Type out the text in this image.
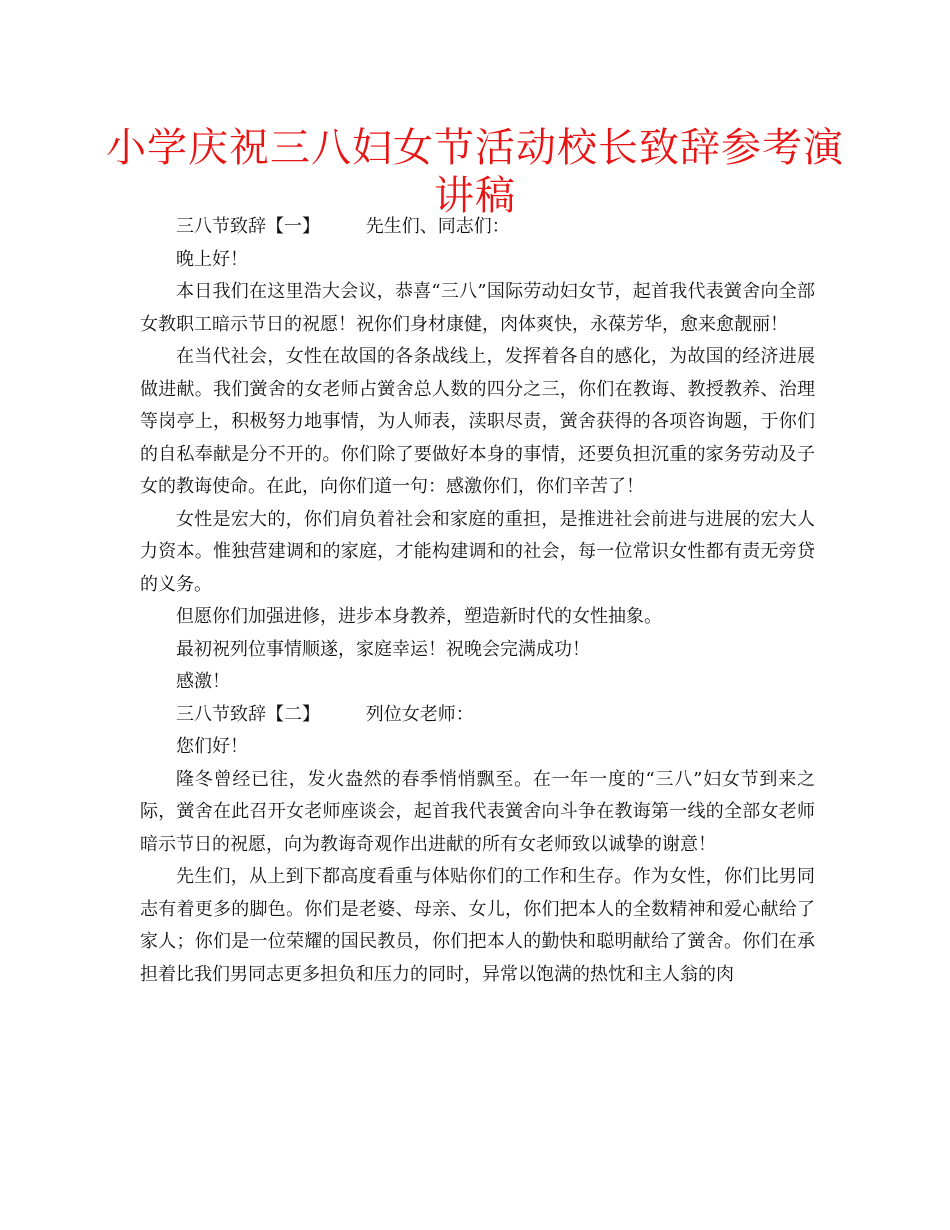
小学庆祝三八妇女节活动校长致辞参考演
讲稿

三八节致辞【一】        先生们、同志们：

晚上好！

本日我们在这里浩大会议，恭喜“三八”国际劳动妇女节，起首我代表黉舍向全部女教职工暗示节日的祝愿！祝你们身材康健，肉体爽快，永葆芳华，愈来愈靓丽！

在当代社会，女性在故国的各条战线上，发挥着各自的感化，为故国的经济进展做进献。我们黉舍的女老师占黉舍总人数的四分之三，你们在教诲、教授教养、治理等岗亭上，积极努力地事情，为人师表，渎职尽责，黉舍获得的各项咨询题，于你们的自私奉献是分不开的。你们除了要做好本身的事情，还要负担沉重的家务劳动及子女的教诲使命。在此，向你们道一句：感激你们，你们辛苦了！

女性是宏大的，你们肩负着社会和家庭的重担，是推进社会前进与进展的宏大人力资本。惟独营建调和的家庭，才能构建调和的社会，每一位常识女性都有责无旁贷的义务。

但愿你们加强进修，进步本身教养，塑造新时代的女性抽象。

最初祝列位事情顺遂，家庭幸运！祝晚会完满成功！

感激！

三八节致辞【二】        列位女老师：

您们好！

隆冬曾经已往，发火盎然的春季悄悄飘至。在一年一度的“三八”妇女节到来之际，黉舍在此召开女老师座谈会，起首我代表黉舍向斗争在教诲第一线的全部女老师暗示节日的祝愿，向为教诲奇观作出进献的所有女老师致以诚挚的谢意！

先生们，从上到下都高度看重与体贴你们的工作和生存。作为女性，你们比男同志有着更多的脚色。你们是老婆、母亲、女儿，你们把本人的全数精神和爱心献给了家人；你们是一位荣耀的国民教员，你们把本人的勤快和聪明献给了黉舍。你们在承担着比我们男同志更多担负和压力的同时，异常以饱满的热忱和主人翁的肉
